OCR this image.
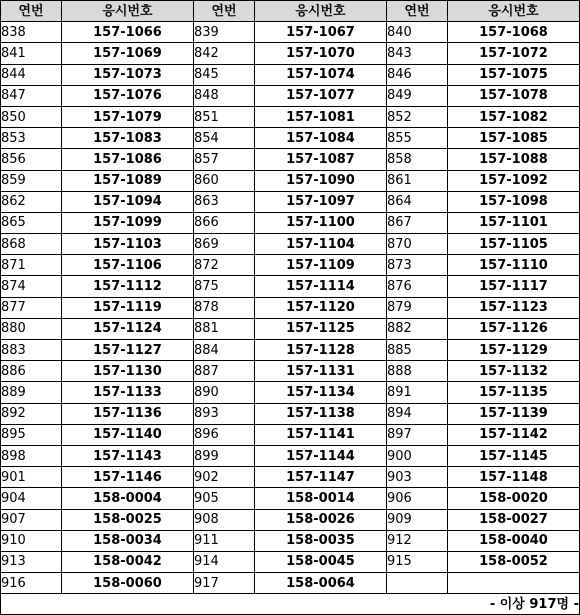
연번	응시번호	연번	응시번호	연번	응시번호
838	157-1066	839	157-1067	840	157-1068
841	157-1069	842	157-1070	843	157-1072
844	157-1073	845	157-1074	846	157-1075
847	157-1076	848	157-1077	849	157-1078
850	157-1079	851	157-1081	852	157-1082
853	157-1083	854	157-1084	855	157-1085
856	157-1086	857	157-1087	858	157-1088
859	157-1089	860	157-1090	861	157-1092
862	157-1094	863	157-1097	864	157-1098
865	157-1099	866	157-1100	867	157-1101
868	157-1103	869	157-1104	870	157-1105
871	157-1106	872	157-1109	873	157-1110
874	157-1112	875	157-1114	876	157-1117
877	157-1119	878	157-1120	879	157-1123
880	157-1124	881	157-1125	882	157-1126
883	157-1127	884	157-1128	885	157-1129
886	157-1130	887	157-1131	888	157-1132
889	157-1133	890	157-1134	891	157-1135
892	157-1136	893	157-1138	894	157-1139
895	157-1140	896	157-1141	897	157-1142
898	157-1143	899	157-1144	900	157-1145
901	157-1146	902	157-1147	903	157-1148
904	158-0004	905	158-0014	906	158-0020
907	158-0025	908	158-0026	909	158-0027
910	158-0034	911	158-0035	912	158-0040
913	158-0042	914	158-0045	915	158-0052
916	158-0060	917	158-0064		
- 이상 917명 -					
